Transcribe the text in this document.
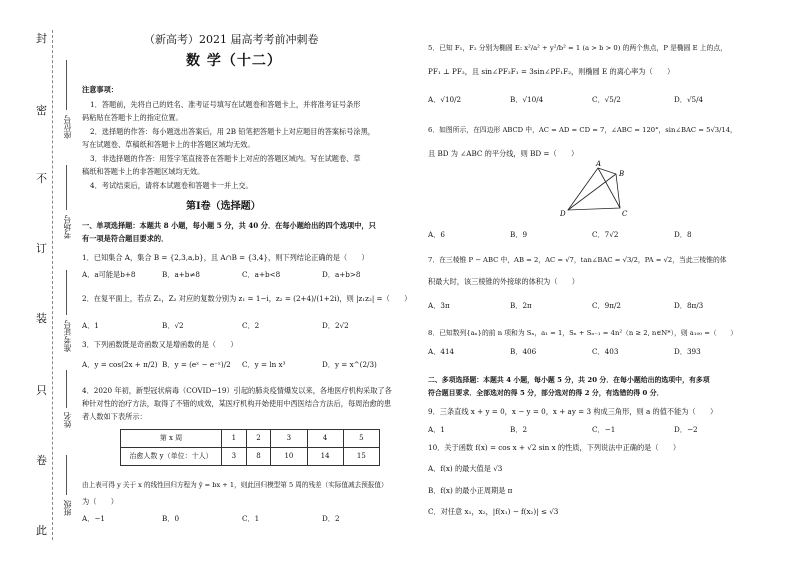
此
卷
只
装
订
不
密
封
座位号
考场号
准考证号
姓名
班级
（新高考）2021 届高考考前冲刺卷
数 学（十二）
注意事项：
1．答题前，先将自己的姓名、准考证号填写在试题卷和答题卡上，并将准考证号条形
码粘贴在答题卡上的指定位置。
2．选择题的作答：每小题选出答案后，用 2B 铅笔把答题卡上对应题目的答案标号涂黑，
写在试题卷、草稿纸和答题卡上的非答题区域均无效。
3．非选择题的作答：用签字笔直接答在答题卡上对应的答题区域内。写在试题卷、草
稿纸和答题卡上的非答题区域均无效。
4．考试结束后，请将本试题卷和答题卡一并上交。
第Ⅰ卷（选择题）
一、单项选择题：本题共 8 小题，每小题 5 分，共 40 分．在每小题给出的四个选项中，只
有一项是符合题目要求的．
1．已知集合 A，集合 B = {2,3,a,b}，且 A∩B = {3,4}，则下列结论正确的是（　　）
A．a可能是b+8	B．a+b≠8	C．a+b<8	D．a+b>8
2．在复平面上，若点 Z₁，Z₂ 对应的复数分别为 z₁ = 1−i，z₂ = (2+4)/(1+2i)，则 |z₁z₂| =（　　）
A．1	B．√2	C．2	D．2√2
3．下列函数既是奇函数又是增函数的是（　　）
A．y = cos(2x + π/2) B．y = (eˣ − e⁻ˣ)/2 C．y = ln x³	D．y = x^(2/3)
4．2020 年初，新型冠状病毒（COVID−19）引起的肺炎疫情爆发以来，各地医疗机构采取了各
种针对性的治疗方法，取得了不错的成效，某医疗机构开始使用中西医结合方法后，每周治愈的患
者人数如下表所示：
第 x 周	1	2	3	4	5
治愈人数 y（单位：十人）	3	8	10	14	15
由上表可得 y 关于 x 的线性回归方程为 ŷ = bx + 1，则此回归模型第 5 周的残差（实际值减去预报值）
为（　　）
A．−1	B．0	C．1	D．2
5．已知 F₁，F₂ 分别为椭圆 E: x²/a² + y²/b² = 1 (a > b > 0) 的两个焦点，P 是椭圆 E 上的点，
PF₁ ⊥ PF₂，且 sin∠PF₂F₁ = 3sin∠PF₁F₂，则椭圆 E 的离心率为（　　）
A．√10/2	B．√10/4	C．√5/2	D．√5/4
6．如图所示，在四边形 ABCD 中，AC = AD = CD = 7，∠ABC = 120°，sin∠BAC = 5√3/14，
且 BD 为 ∠ABC 的平分线，则 BD =（　　）
A
B
C
D
A．6	B．9	C．7√2	D．8
7．在三棱锥 P − ABC 中，AB = 2，AC = √7，tan∠BAC = √3/2，PA = √2，当此三棱锥的体
积最大时，该三棱锥的外接球的体积为（　　）
A．3π	B．2π	C．9π/2	D．8π/3
8．已知数列{aₙ}的前 n 项和为 Sₙ，a₁ = 1，Sₙ + Sₙ₋₁ = 4n²（n ≥ 2, n∈N*），则 a₁₀₀ =（　　）
A．414	B．406	C．403	D．393
二、多项选择题：本题共 4 小题，每小题 5 分，共 20 分．在每小题给出的选项中，有多项
符合题目要求．全部选对的得 5 分，部分选对的得 2 分，有选错的得 0 分．
9．三条直线 x + y = 0，x − y = 0，x + ay = 3 构成三角形，则 a 的值不能为（　　）
A．1	B．2	C．−1	D．−2
10．关于函数 f(x) = cos x + √2 sin x 的性质，下列说法中正确的是（　　）
A．f(x) 的最大值是 √3
B．f(x) 的最小正周期是 π
C．对任意 x₁，x₂，|f(x₁) − f(x₂)| ≤ √3
